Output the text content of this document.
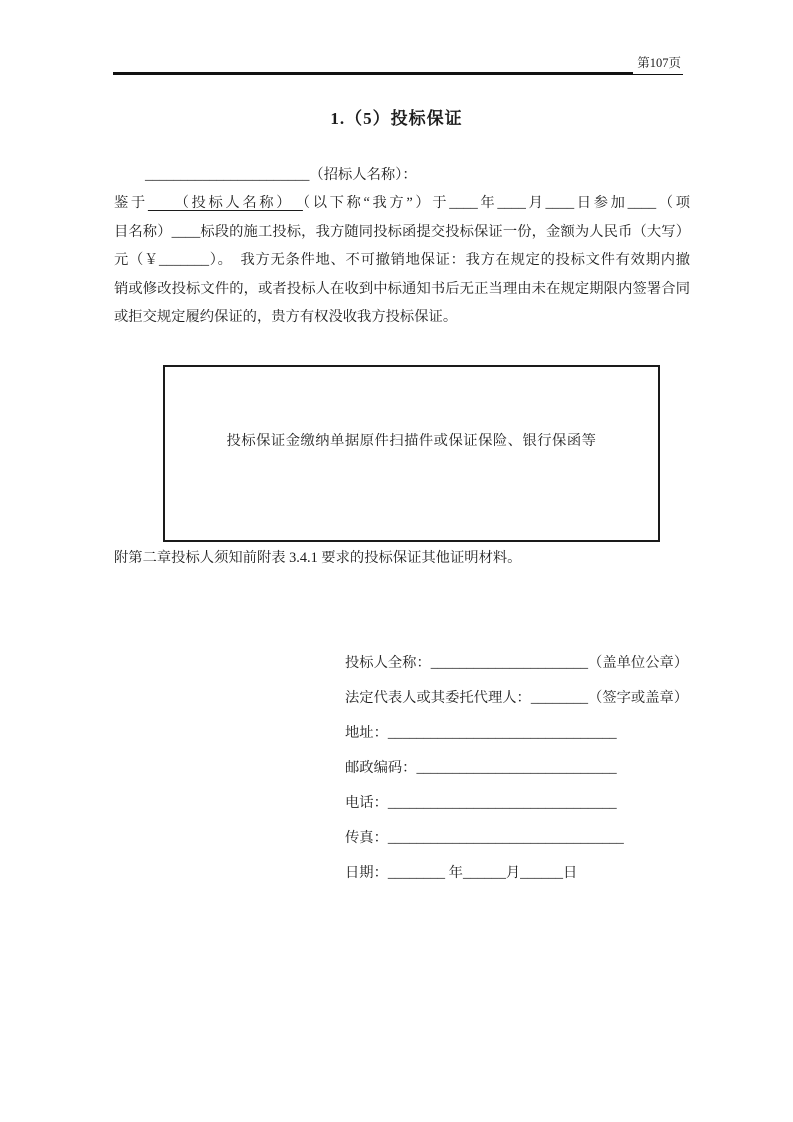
第107页
1.（5）投标保证
_______________________（招标人名称）：
鉴于　　（投标人名称）　（以下称“我方”）于____年____月____日参加____（项
目名称）____标段的施工投标，我方随同投标函提交投标保证一份，金额为人民币（大写）
元（￥_______）。　我方无条件地、不可撤销地保证：我方在规定的投标文件有效期内撤
销或修改投标文件的，或者投标人在收到中标通知书后无正当理由未在规定期限内签署合同
或拒交规定履约保证的，贵方有权没收我方投标保证。
投标保证金缴纳单据原件扫描件或保证保险、银行保函等
附第二章投标人须知前附表 3.4.1 要求的投标保证其他证明材料。
投标人全称：______________________（盖单位公章）
法定代表人或其委托代理人：________（签字或盖章）
地址：________________________________
邮政编码：____________________________
电话：________________________________
传真：_________________________________
日期：________ 年______月______日
